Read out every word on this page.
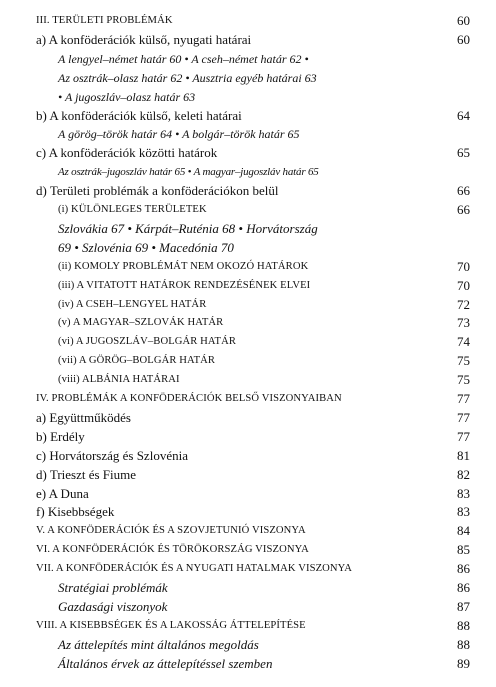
III. TERÜLETI PROBLÉMÁK	60
a) A konföderációk külső, nyugati határai	60
A lengyel–német határ 60 • A cseh–német határ 62 •
Az osztrák–olasz határ 62 • Ausztria egyéb határai 63
• A jugoszláv–olasz határ 63
b) A konföderációk külső, keleti határai	64
A görög–török határ 64 • A bolgár–török határ 65
c) A konföderációk közötti határok	65
Az osztrák–jugoszláv határ 65 • A magyar–jugoszláv határ 65
d) Területi problémák a konföderációkon belül	66
(i) KÜLÖNLEGES TERÜLETEK	66
Szlovákia 67 • Kárpát–Ruténia 68 • Horvátország
69 • Szlovénia 69 • Macedónia 70
(ii) KOMOLY PROBLÉMÁT NEM OKOZÓ HATÁROK	70
(iii) A VITATOTT HATÁROK RENDEZÉSÉNEK ELVEI	70
(iv) A CSEH–LENGYEL HATÁR	72
(v) A MAGYAR–SZLOVÁK HATÁR	73
(vi) A JUGOSZLÁV–BOLGÁR HATÁR	74
(vii) A GÖRÖG–BOLGÁR HATÁR	75
(viii) ALBÁNIA HATÁRAI	75
IV. PROBLÉMÁK A KONFÖDERÁCIÓK BELSŐ VISZONYAIBAN	77
a) Együttműködés	77
b) Erdély	77
c) Horvátország és Szlovénia	81
d) Trieszt és Fiume	82
e) A Duna	83
f) Kisebbségek	83
V. A KONFÖDERÁCIÓK ÉS A SZOVJETUNIÓ VISZONYA	84
VI. A KONFÖDERÁCIÓK ÉS TÖRÖKORSZÁG VISZONYA	85
VII. A KONFÖDERÁCIÓK ÉS A NYUGATI HATALMAK VISZONYA	86
Stratégiai problémák	86
Gazdasági viszonyok	87
VIII. A KISEBBSÉGEK ÉS A LAKOSSÁG ÁTTELEPÍTÉSE	88
Az áttelepítés mint általános megoldás	88
Általános érvek az áttelepítéssel szemben	89
